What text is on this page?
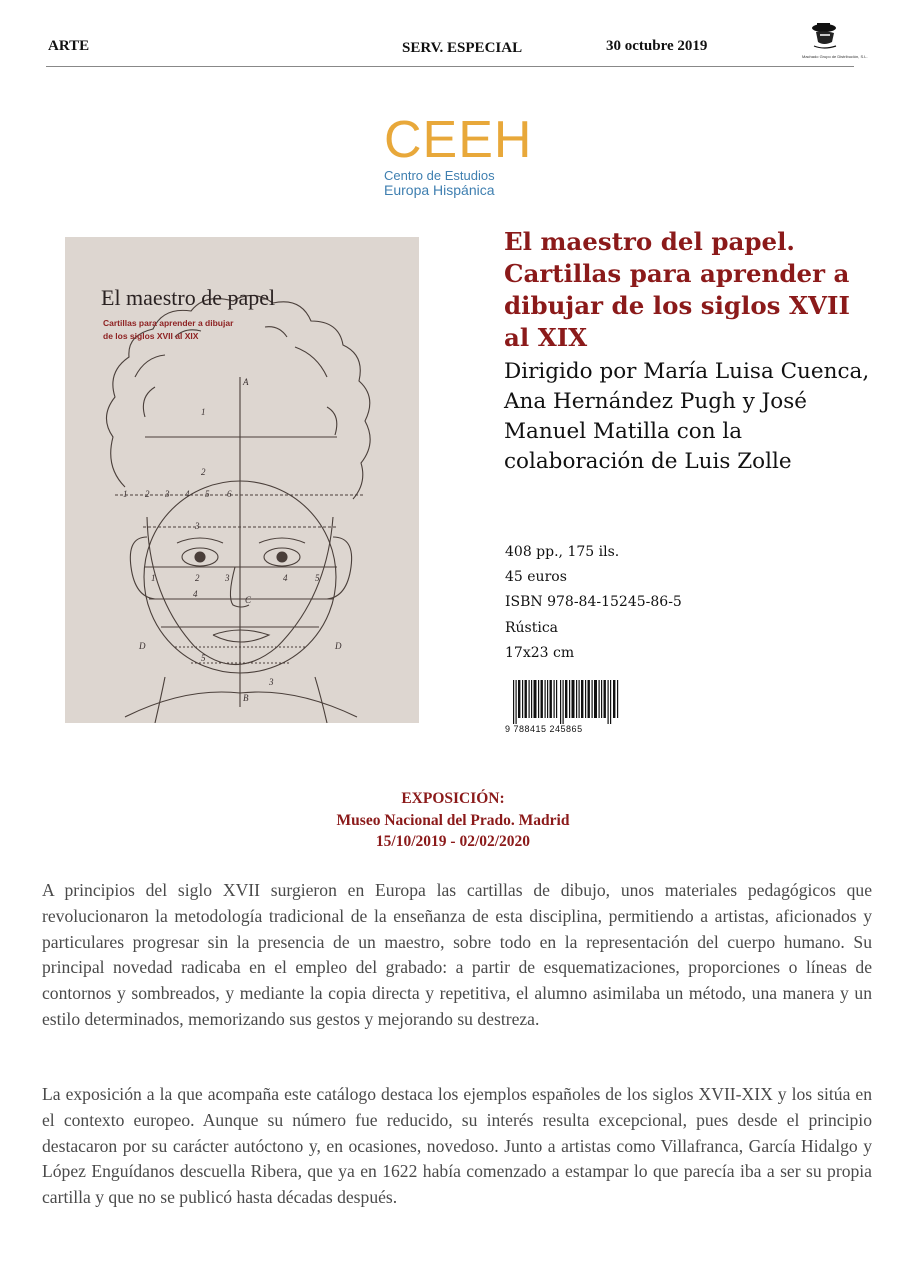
ARTE	SERV. ESPECIAL	30 octubre 2019
Machado Grupo de Distribución, S.L.
CEEH
Centro de Estudios
Europa Hispánica
A
1
2
1 2 3 4 5 6
3
1	2	3	4	5
4
C
D	D
5
3
B
El maestro de papel
Cartillas para aprender a dibujar
de los siglos XVII al XIX
El maestro del papel. Cartillas para aprender a dibujar de los siglos XVII al XIX
Dirigido por María Luisa Cuenca, Ana Hernández Pugh y José Manuel Matilla con la colaboración de Luis Zolle
408 pp., 175 ils.
45 euros
ISBN 978-84-15245-86-5
Rústica
17x23 cm
9 788415 245865
EXPOSICIÓN:
Museo Nacional del Prado. Madrid
15/10/2019 - 02/02/2020

A principios del siglo XVII surgieron en Europa las cartillas de dibujo, unos materiales pedagógicos que revolucionaron la metodología tradicional de la enseñanza de esta disciplina, permitiendo a artistas, aficionados y particulares progresar sin la presencia de un maestro, sobre todo en la representación del cuerpo humano. Su principal novedad radicaba en el empleo del grabado: a partir de esquematizaciones, proporciones o líneas de contornos y sombreados, y mediante la copia directa y repetitiva, el alumno asimilaba un método, una manera y un estilo determinados, memorizando sus gestos y mejorando su destreza.

La exposición a la que acompaña este catálogo destaca los ejemplos españoles de los siglos XVII-XIX y los sitúa en el contexto europeo. Aunque su número fue reducido, su interés resulta excepcional, pues desde el principio destacaron por su carácter autóctono y, en ocasiones, novedoso. Junto a artistas como Villafranca, García Hidalgo y López Enguídanos descuella Ribera, que ya en 1622 había comenzado a estampar lo que parecía iba a ser su propia cartilla y que no se publicó hasta décadas después.
